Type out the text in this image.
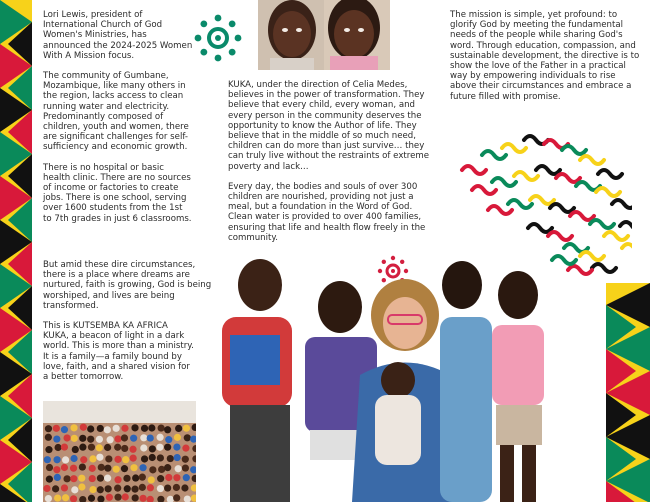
Lori Lewis, president of International Church of God Women's Ministries, has announced the 2024-2025 Women With A Mission focus.

The community of Gumbane, Mozambique, like many others in the region, lacks access to clean running water and electricity. Predominantly composed of children, youth and women, there are significant challenges for self-sufficiency and economic growth.

There is no hospital or basic health clinic. There are no sources of income or factories to create jobs. There is one school, serving over 1600 students from the 1st to 7th grades in just 6 classrooms.

But amid these dire circumstances, there is a place where dreams are nurtured, faith is growing, God is being worshiped, and lives are being transformed.

This is KUTSEMBA KA AFRICA KUKA, a beacon of light in a dark world. This is more than a ministry. It is a family—a family bound by love, faith, and a shared vision for a better tomorrow.

KUKA, under the direction of Celia Medes, believes in the power of transformation. They believe that every child, every woman, and every person in the community deserves the opportunity to know the Author of life. They believe that in the middle of so much need, children can do more than just survive… they can truly live without the restraints of extreme poverty and lack…

Every day, the bodies and souls of over 300 children are nourished, providing not just a meal, but a foundation in the Word of God. Clean water is provided to over 400 families, ensuring that life and health flow freely in the community.

The mission is simple, yet profound: to glorify God by meeting the fundamental needs of the people while sharing God's word. Through education, compassion, and sustainable development, the directive is to show the love of the Father in a practical way by empowering individuals to rise above their circumstances and embrace a future filled with promise.
